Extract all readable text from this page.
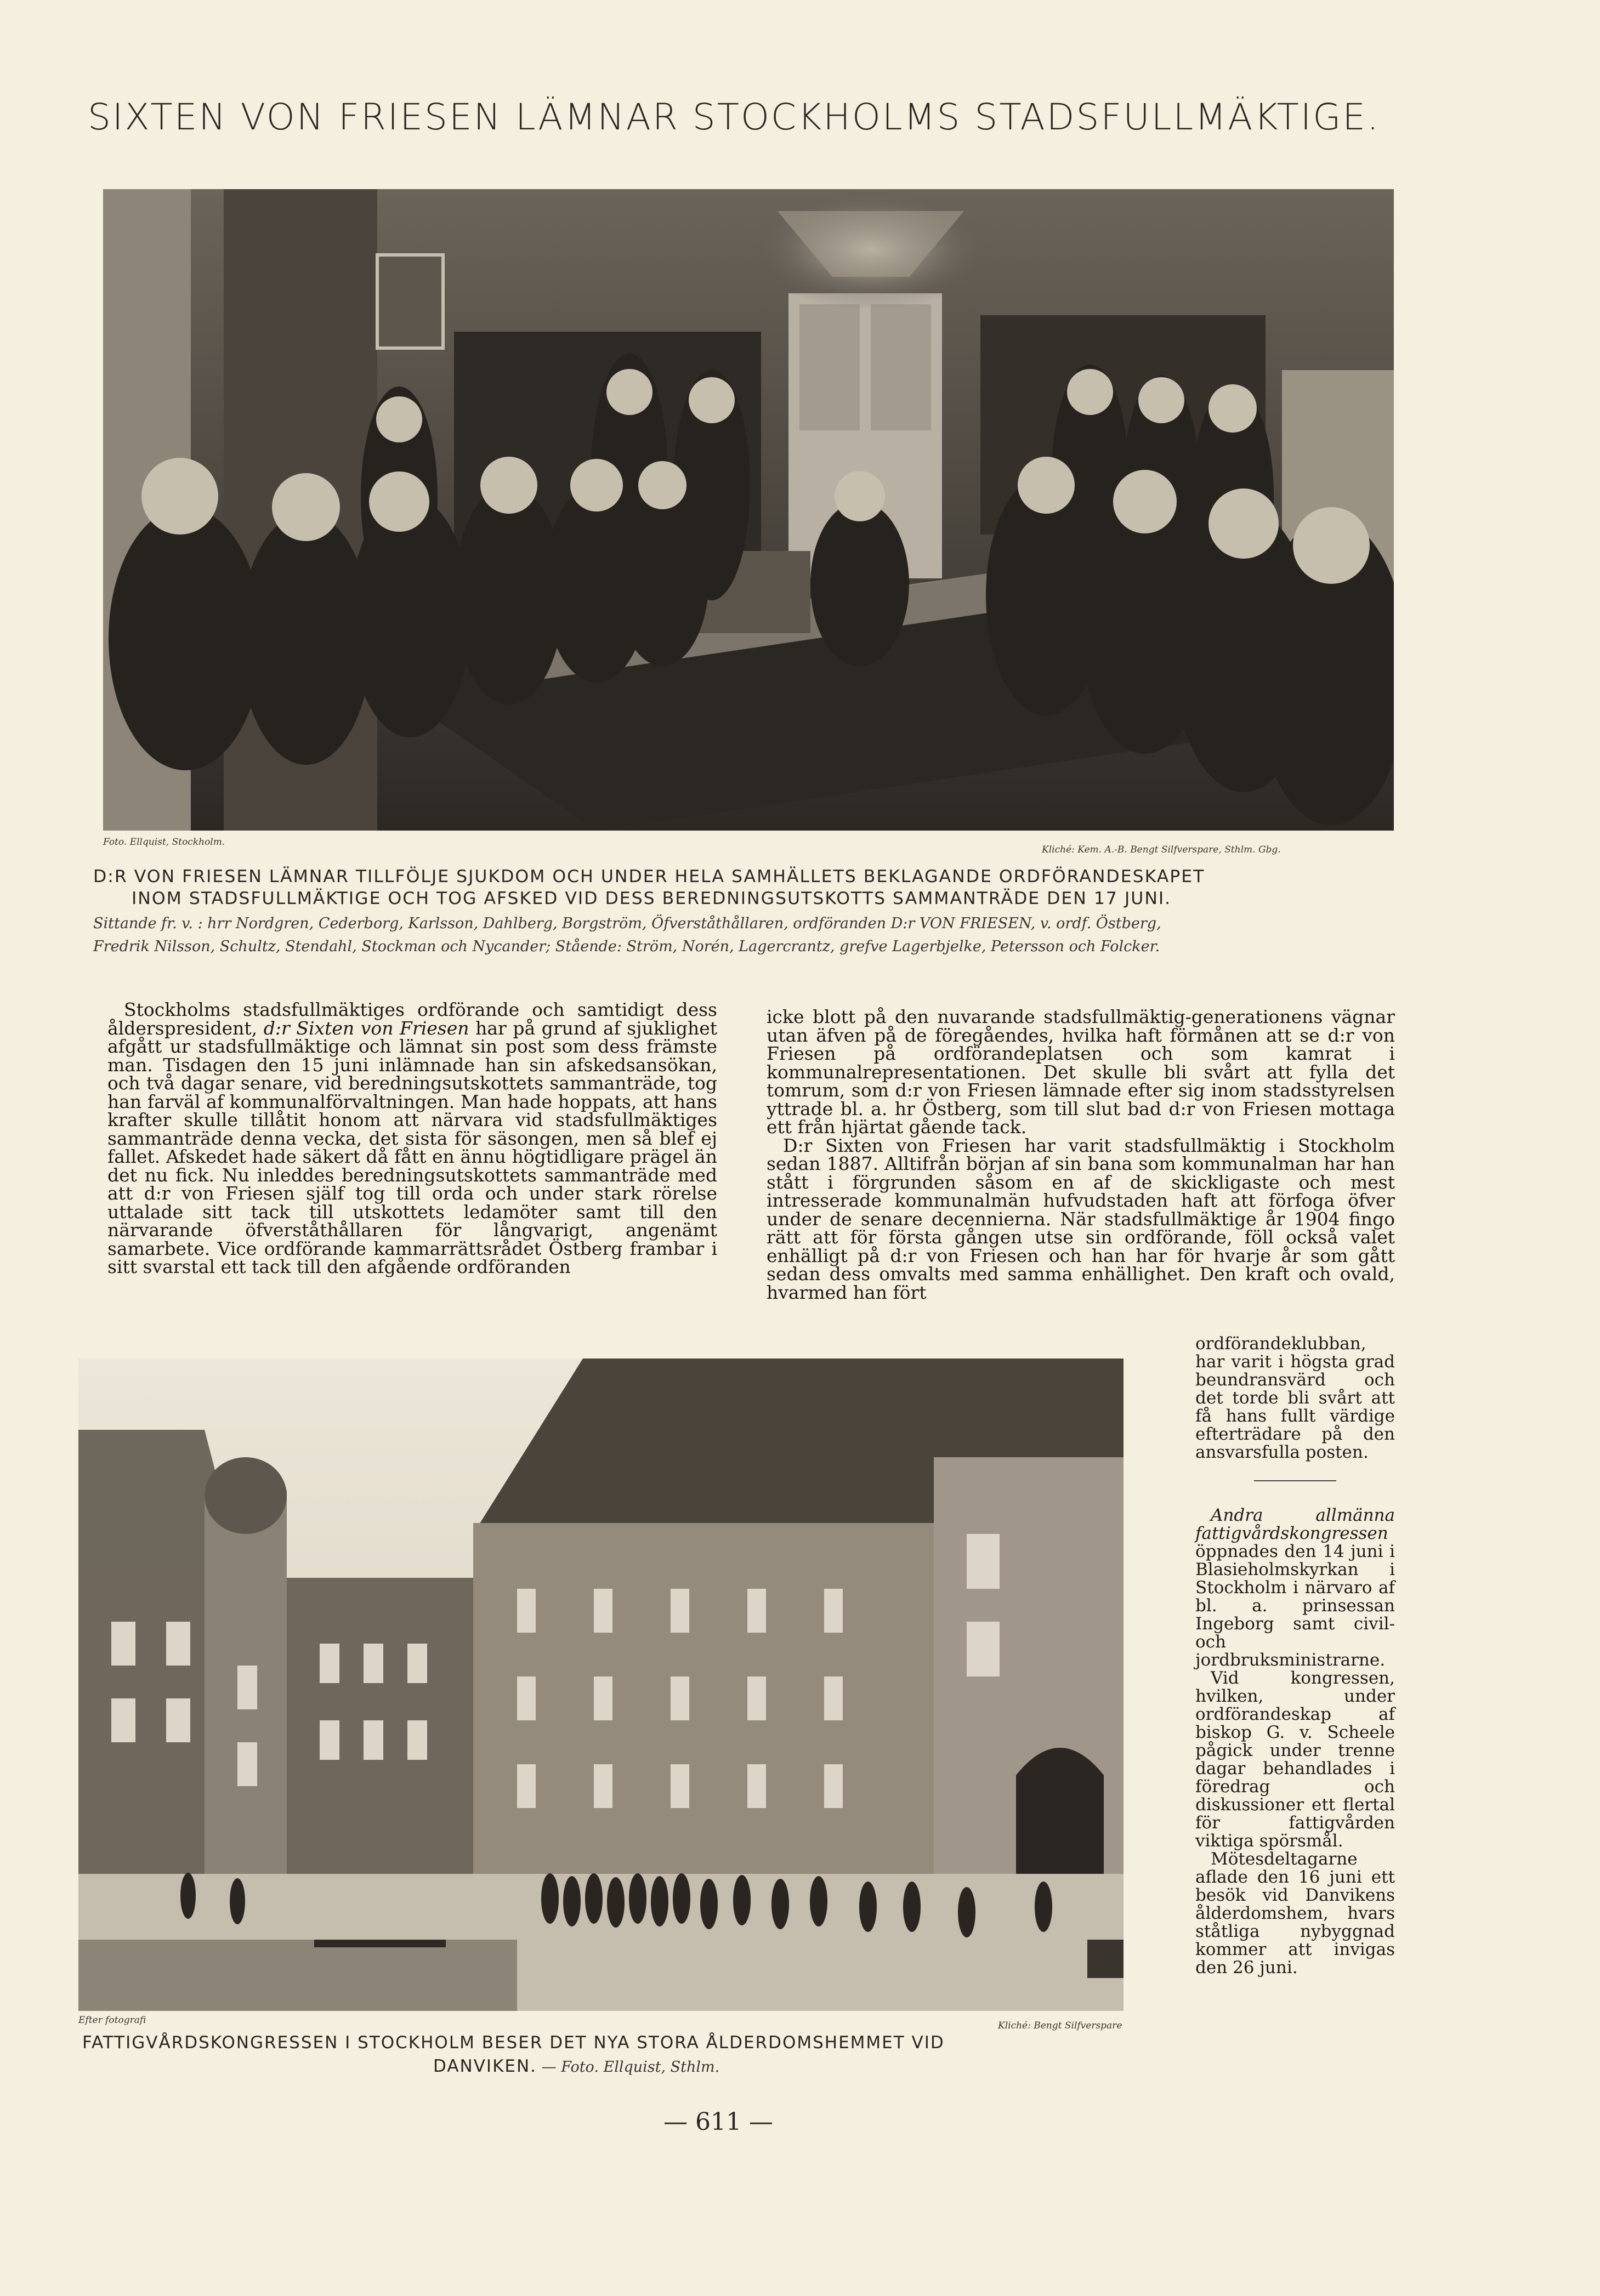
SIXTEN VON FRIESEN LÄMNAR STOCKHOLMS STADSFULLMÄKTIGE.
Foto. Ellquist, Stockholm.
Kliché: Kem. A.-B. Bengt Silfverspare, Sthlm. Gbg.
D:R VON FRIESEN LÄMNAR TILLFÖLJE SJUKDOM OCH UNDER HELA SAMHÄLLETS BEKLAGANDE ORDFÖRANDESKAPET
INOM STADSFULLMÄKTIGE OCH TOG AFSKED VID DESS BEREDNINGSUTSKOTTS SAMMANTRÄDE DEN 17 JUNI.
Sittande fr. v. : hrr Nordgren, Cederborg, Karlsson, Dahlberg, Borgström, Öfverståthållaren, ordföranden D:r VON FRIESEN, v. ordf. Östberg,
Fredrik Nilsson, Schultz, Stendahl, Stockman och Nycander; Stående: Ström, Norén, Lagercrantz, grefve Lagerbjelke, Petersson och Folcker.

Stockholms stadsfullmäktiges ordförande och samtidigt dess ålderspresident, d:r Sixten von Friesen har på grund af sjuklighet afgått ur stadsfullmäktige och lämnat sin post som dess främste man. Tisdagen den 15 juni inlämnade han sin afskedsansökan, och två dagar senare, vid beredningsutskottets sammanträde, tog han farväl af kommunalförvaltningen. Man hade hoppats, att hans krafter skulle tillåtit honom att närvara vid stadsfullmäktiges sammanträde denna vecka, det sista för säsongen, men så blef ej fallet. Afskedet hade säkert då fått en ännu högtidligare prägel än det nu fick. Nu inleddes beredningsutskottets sammanträde med att d:r von Friesen själf tog till orda och under stark rörelse uttalade sitt tack till utskottets ledamöter samt till den närvarande öfverståthållaren för långvarigt, angenämt samarbete. Vice ordförande kammarrättsrådet Östberg frambar i sitt svarstal ett tack till den afgående ordföranden

icke blott på den nuvarande stadsfullmäktig-generationens vägnar utan äfven på de föregåendes, hvilka haft förmånen att se d:r von Friesen på ordförandeplatsen och som kamrat i kommunalrepresentationen. Det skulle bli svårt att fylla det tomrum, som d:r von Friesen lämnade efter sig inom stadsstyrelsen yttrade bl. a. hr Östberg, som till slut bad d:r von Friesen mottaga ett från hjärtat gående tack.

D:r Sixten von Friesen har varit stadsfullmäktig i Stockholm sedan 1887. Alltifrån början af sin bana som kommunalman har han stått i förgrunden såsom en af de skickligaste och mest intresserade kommunalmän hufvudstaden haft att förfoga öfver under de senare decennierna. När stadsfullmäktige år 1904 fingo rätt att för första gången utse sin ordförande, föll också valet enhälligt på d:r von Friesen och han har för hvarje år som gått sedan dess omvalts med samma enhällighet. Den kraft och ovald, hvarmed han fört

ordförandeklubban, har varit i högsta grad beundransvärd och det torde bli svårt att få hans fullt värdige efterträdare på den ansvarsfulla posten.

Andra allmänna fattigvårdskongressen öppnades den 14 juni i Blasieholmskyrkan i Stockholm i närvaro af bl. a. prinsessan Ingeborg samt civil- och jordbruksministrarne.

Vid kongressen, hvilken, under ordförandeskap af biskop G. v. Scheele pågick under trenne dagar behandlades i föredrag och diskussioner ett flertal för fattigvården viktiga spörsmål.

Mötesdeltagarne aflade den 16 juni ett besök vid Danvikens ålderdomshem, hvars ståtliga nybyggnad kommer att invigas den 26 juni.

Efter fotografi	Kliché: Bengt Silfverspare
FATTIGVÅRDSKONGRESSEN I STOCKHOLM BESER DET NYA STORA ÅLDERDOMSHEMMET VID
DANVIKEN. — Foto. Ellquist, Sthlm.
— 611 —
